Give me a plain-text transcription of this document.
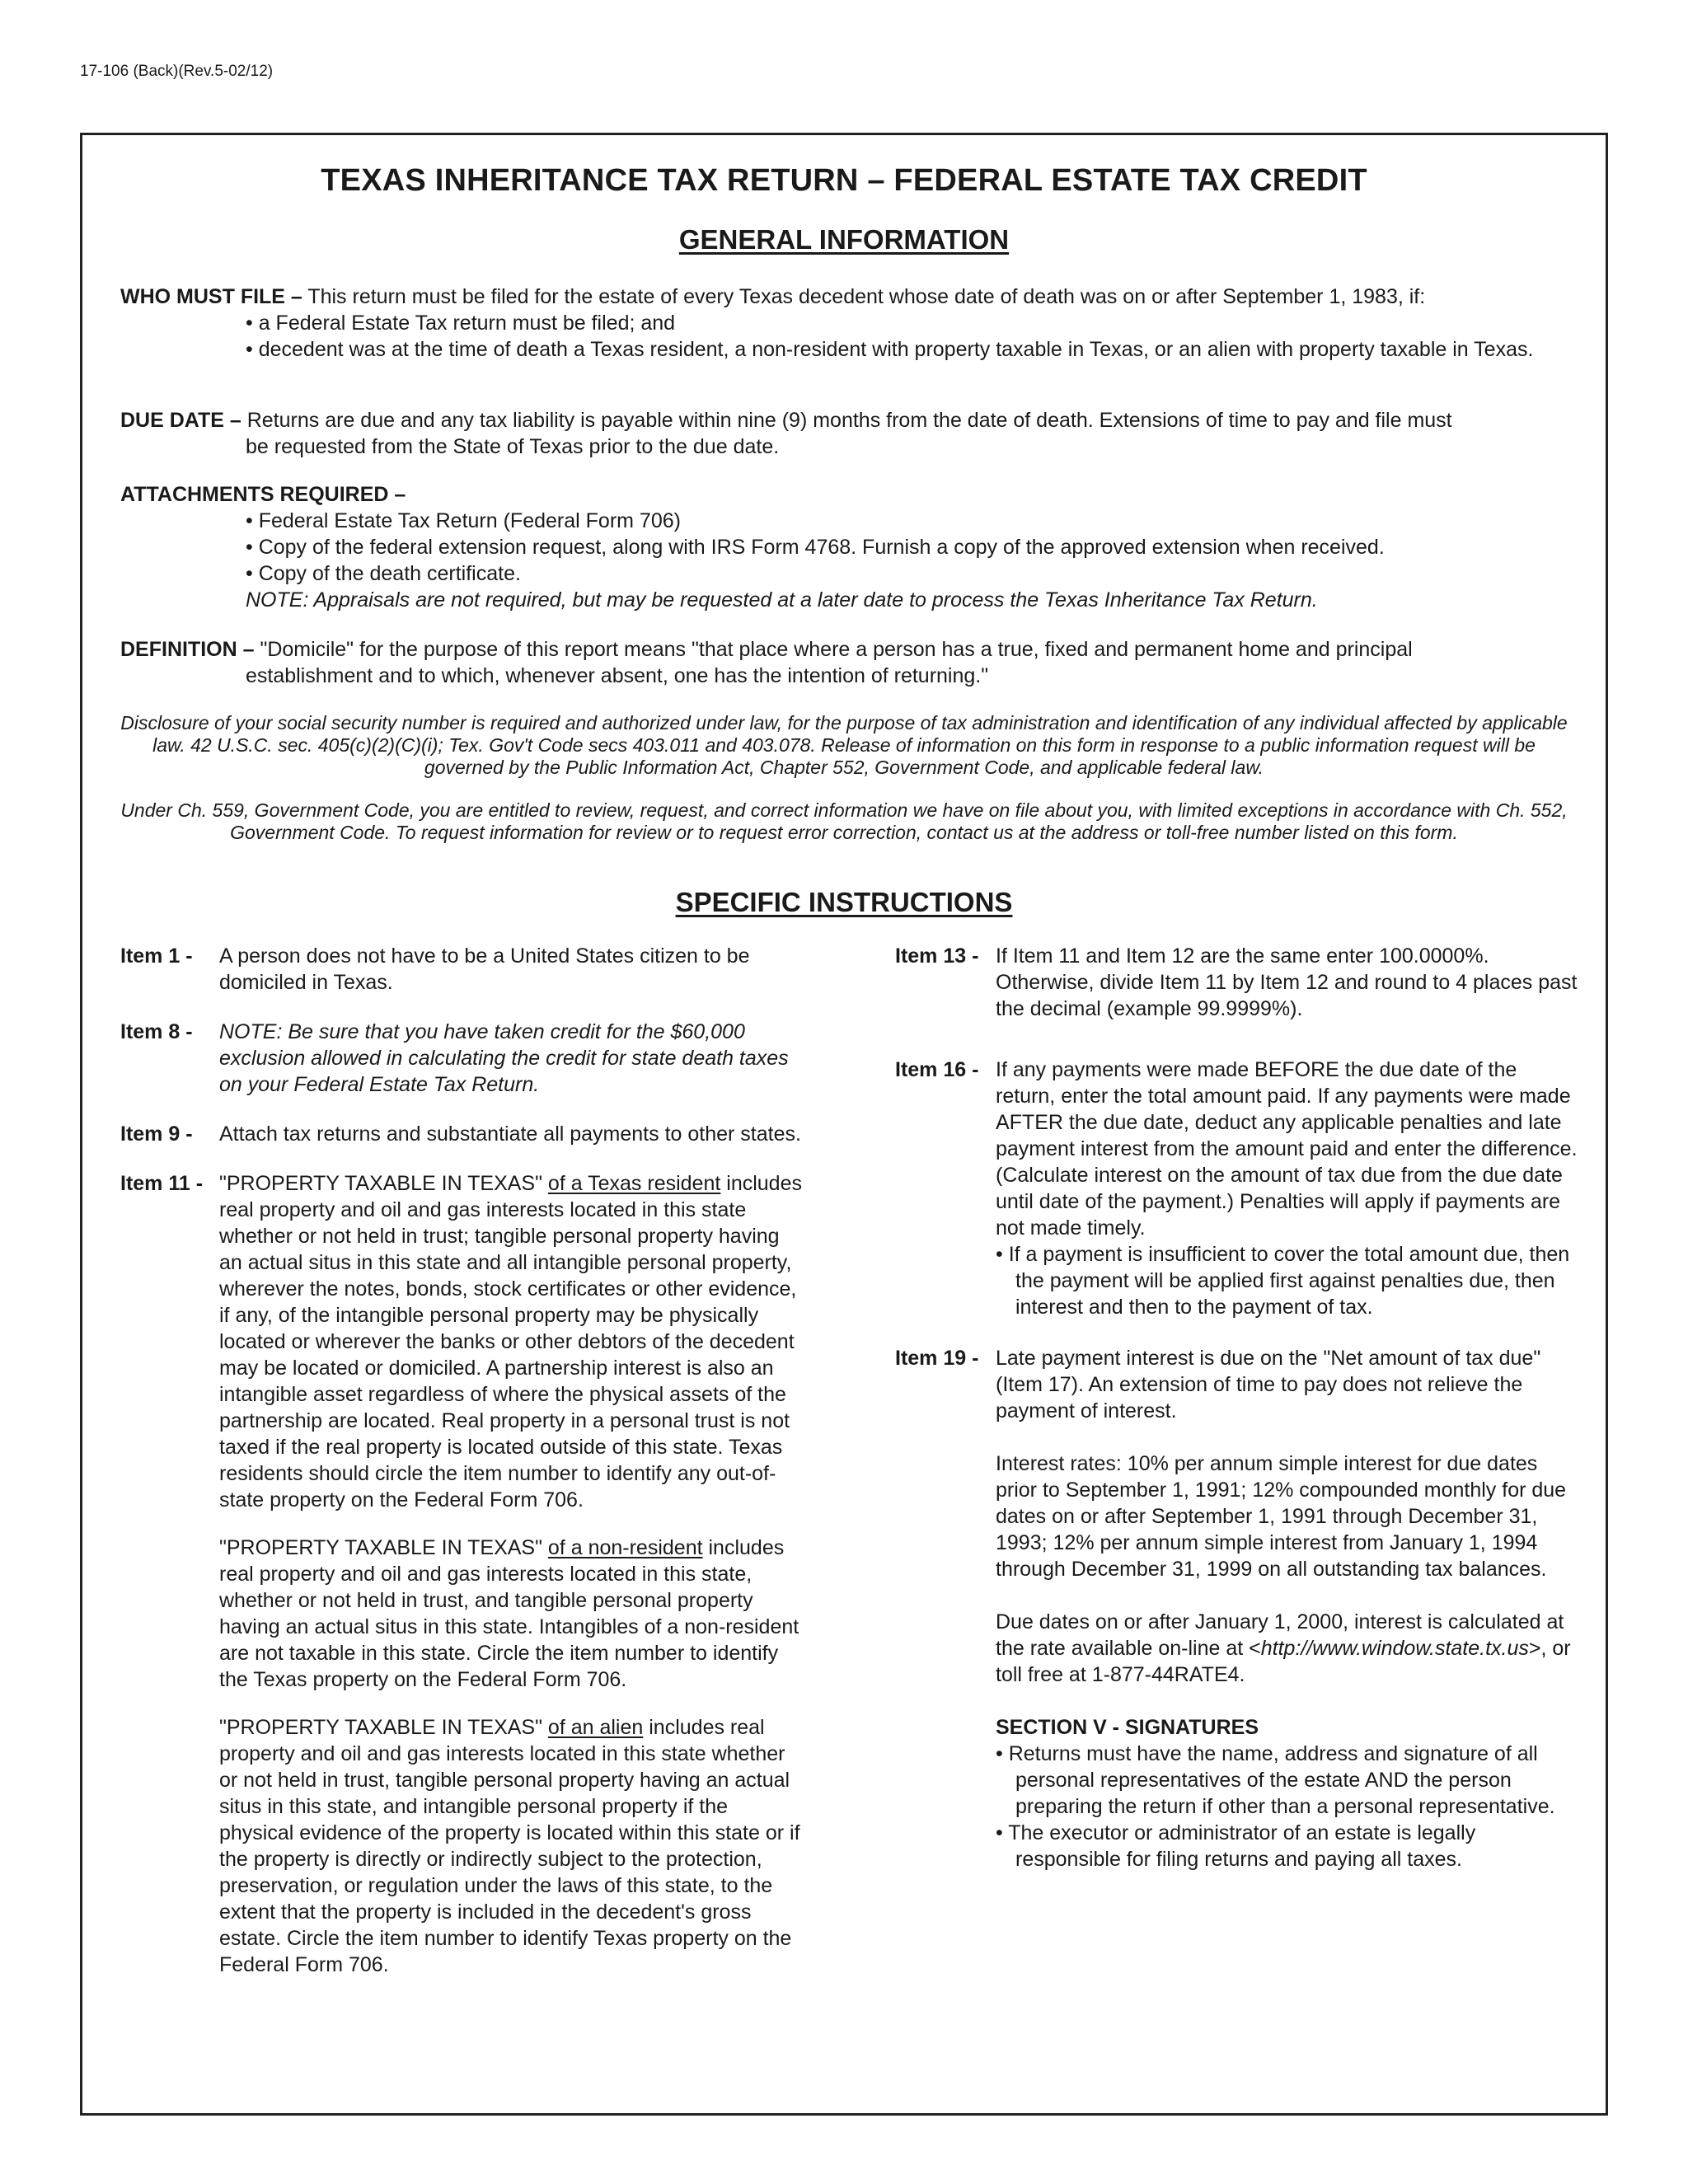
17-106 (Back)(Rev.5-02/12)
TEXAS INHERITANCE TAX RETURN – FEDERAL ESTATE TAX CREDIT
GENERAL INFORMATION
WHO MUST FILE – This return must be filed for the estate of every Texas decedent whose date of death was on or after September 1, 1983, if:
• a Federal Estate Tax return must be filed; and
• decedent was at the time of death a Texas resident, a non-resident with property taxable in Texas, or an alien with property taxable in Texas.
DUE DATE – Returns are due and any tax liability is payable within nine (9) months from the date of death. Extensions of time to pay and file must
be requested from the State of Texas prior to the due date.
ATTACHMENTS REQUIRED –
• Federal Estate Tax Return (Federal Form 706)
• Copy of the federal extension request, along with IRS Form 4768. Furnish a copy of the approved extension when received.
• Copy of the death certificate.
NOTE: Appraisals are not required, but may be requested at a later date to process the Texas Inheritance Tax Return.
DEFINITION – "Domicile" for the purpose of this report means "that place where a person has a true, fixed and permanent home and principal
establishment and to which, whenever absent, one has the intention of returning."
Disclosure of your social security number is required and authorized under law, for the purpose of tax administration and identification of any individual affected by applicable law. 42 U.S.C. sec. 405(c)(2)(C)(i); Tex. Gov't Code secs 403.011 and 403.078. Release of information on this form in response to a public information request will be governed by the Public Information Act, Chapter 552, Government Code, and applicable federal law.
Under Ch. 559, Government Code, you are entitled to review, request, and correct information we have on file about you, with limited exceptions in accordance with Ch. 552, Government Code. To request information for review or to request error correction, contact us at the address or toll-free number listed on this form.
SPECIFIC INSTRUCTIONS
Item 1 -	A person does not have to be a United States citizen to be domiciled in Texas.
Item 8 -	NOTE: Be sure that you have taken credit for the $60,000 exclusion allowed in calculating the credit for state death taxes on your Federal Estate Tax Return.
Item 9 -	Attach tax returns and substantiate all payments to other states.
Item 11 - "PROPERTY TAXABLE IN TEXAS" of a Texas resident includes real property and oil and gas interests located in this state whether or not held in trust; tangible personal property having an actual situs in this state and all intangible personal property, wherever the notes, bonds, stock certificates or other evidence, if any, of the intangible personal property may be physically located or wherever the banks or other debtors of the decedent may be located or domiciled. A partnership interest is also an intangible asset regardless of where the physical assets of the partnership are located. Real property in a personal trust is not taxed if the real property is located outside of this state. Texas residents should circle the item number to identify any out-of-state property on the Federal Form 706.

"PROPERTY TAXABLE IN TEXAS" of a non-resident includes real property and oil and gas interests located in this state, whether or not held in trust, and tangible personal property having an actual situs in this state. Intangibles of a non-resident are not taxable in this state. Circle the item number to identify the Texas property on the Federal Form 706.

"PROPERTY TAXABLE IN TEXAS" of an alien includes real property and oil and gas interests located in this state whether or not held in trust, tangible personal property having an actual situs in this state, and intangible personal property if the physical evidence of the property is located within this state or if the property is directly or indirectly subject to the protection, preservation, or regulation under the laws of this state, to the extent that the property is included in the decedent's gross estate. Circle the item number to identify Texas property on the Federal Form 706.

Item 13 - If Item 11 and Item 12 are the same enter 100.0000%. Otherwise, divide Item 11 by Item 12 and round to 4 places past the decimal (example 99.9999%).
Item 16 - If any payments were made BEFORE the due date of the return, enter the total amount paid. If any payments were made AFTER the due date, deduct any applicable penalties and late payment interest from the amount paid and enter the difference. (Calculate interest on the amount of tax due from the due date until date of the payment.) Penalties will apply if payments are not made timely.
• If a payment is insufficient to cover the total amount due, then the payment will be applied first against penalties due, then interest and then to the payment of tax.
Item 19 - Late payment interest is due on the "Net amount of tax due" (Item 17). An extension of time to pay does not relieve the payment of interest.

Interest rates: 10% per annum simple interest for due dates prior to September 1, 1991; 12% compounded monthly for due dates on or after September 1, 1991 through December 31, 1993; 12% per annum simple interest from January 1, 1994 through December 31, 1999 on all outstanding tax balances.

Due dates on or after January 1, 2000, interest is calculated at the rate available on-line at <http://www.window.state.tx.us>, or toll free at 1-877-44RATE4.

SECTION V - SIGNATURES
• Returns must have the name, address and signature of all personal representatives of the estate AND the person preparing the return if other than a personal representative.
• The executor or administrator of an estate is legally responsible for filing returns and paying all taxes.
